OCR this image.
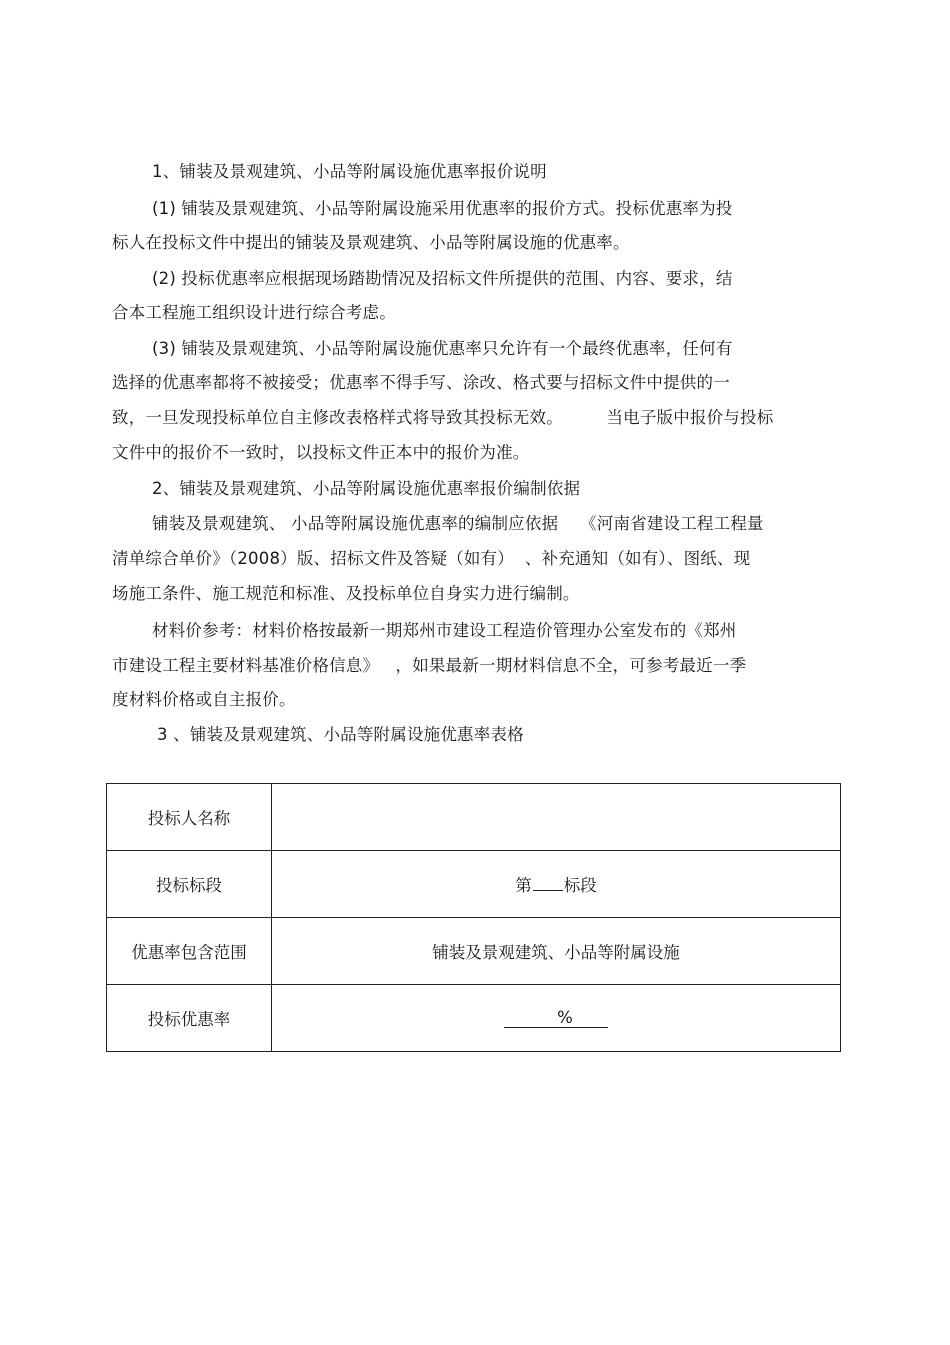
1、铺装及景观建筑、小品等附属设施优惠率报价说明
(1) 铺装及景观建筑、小品等附属设施采用优惠率的报价方式。投标优惠率为投
标人在投标文件中提出的铺装及景观建筑、小品等附属设施的优惠率。
(2) 投标优惠率应根据现场踏勘情况及招标文件所提供的范围、内容、要求，结
合本工程施工组织设计进行综合考虑。
(3) 铺装及景观建筑、小品等附属设施优惠率只允许有一个最终优惠率，任何有
选择的优惠率都将不被接受；优惠率不得手写、涂改、格式要与招标文件中提供的一
致，一旦发现投标单位自主修改表格样式将导致其投标无效。        当电子版中报价与投标
文件中的报价不一致时，以投标文件正本中的报价为准。
2、铺装及景观建筑、小品等附属设施优惠率报价编制依据
铺装及景观建筑、 小品等附属设施优惠率的编制应依据    《河南省建设工程工程量
清单综合单价》（2008）版、招标文件及答疑（如有）  、补充通知（如有）、图纸、现
场施工条件、施工规范和标准、及投标单位自身实力进行编制。
材料价参考：材料价格按最新一期郑州市建设工程造价管理办公室发布的《郑州
市建设工程主要材料基准价格信息》   ，如果最新一期材料信息不全，可参考最近一季
度材料价格或自主报价。
3 、铺装及景观建筑、小品等附属设施优惠率表格
投标人名称	
投标标段	第 标段
优惠率包含范围	铺装及景观建筑、小品等附属设施
投标优惠率	%
